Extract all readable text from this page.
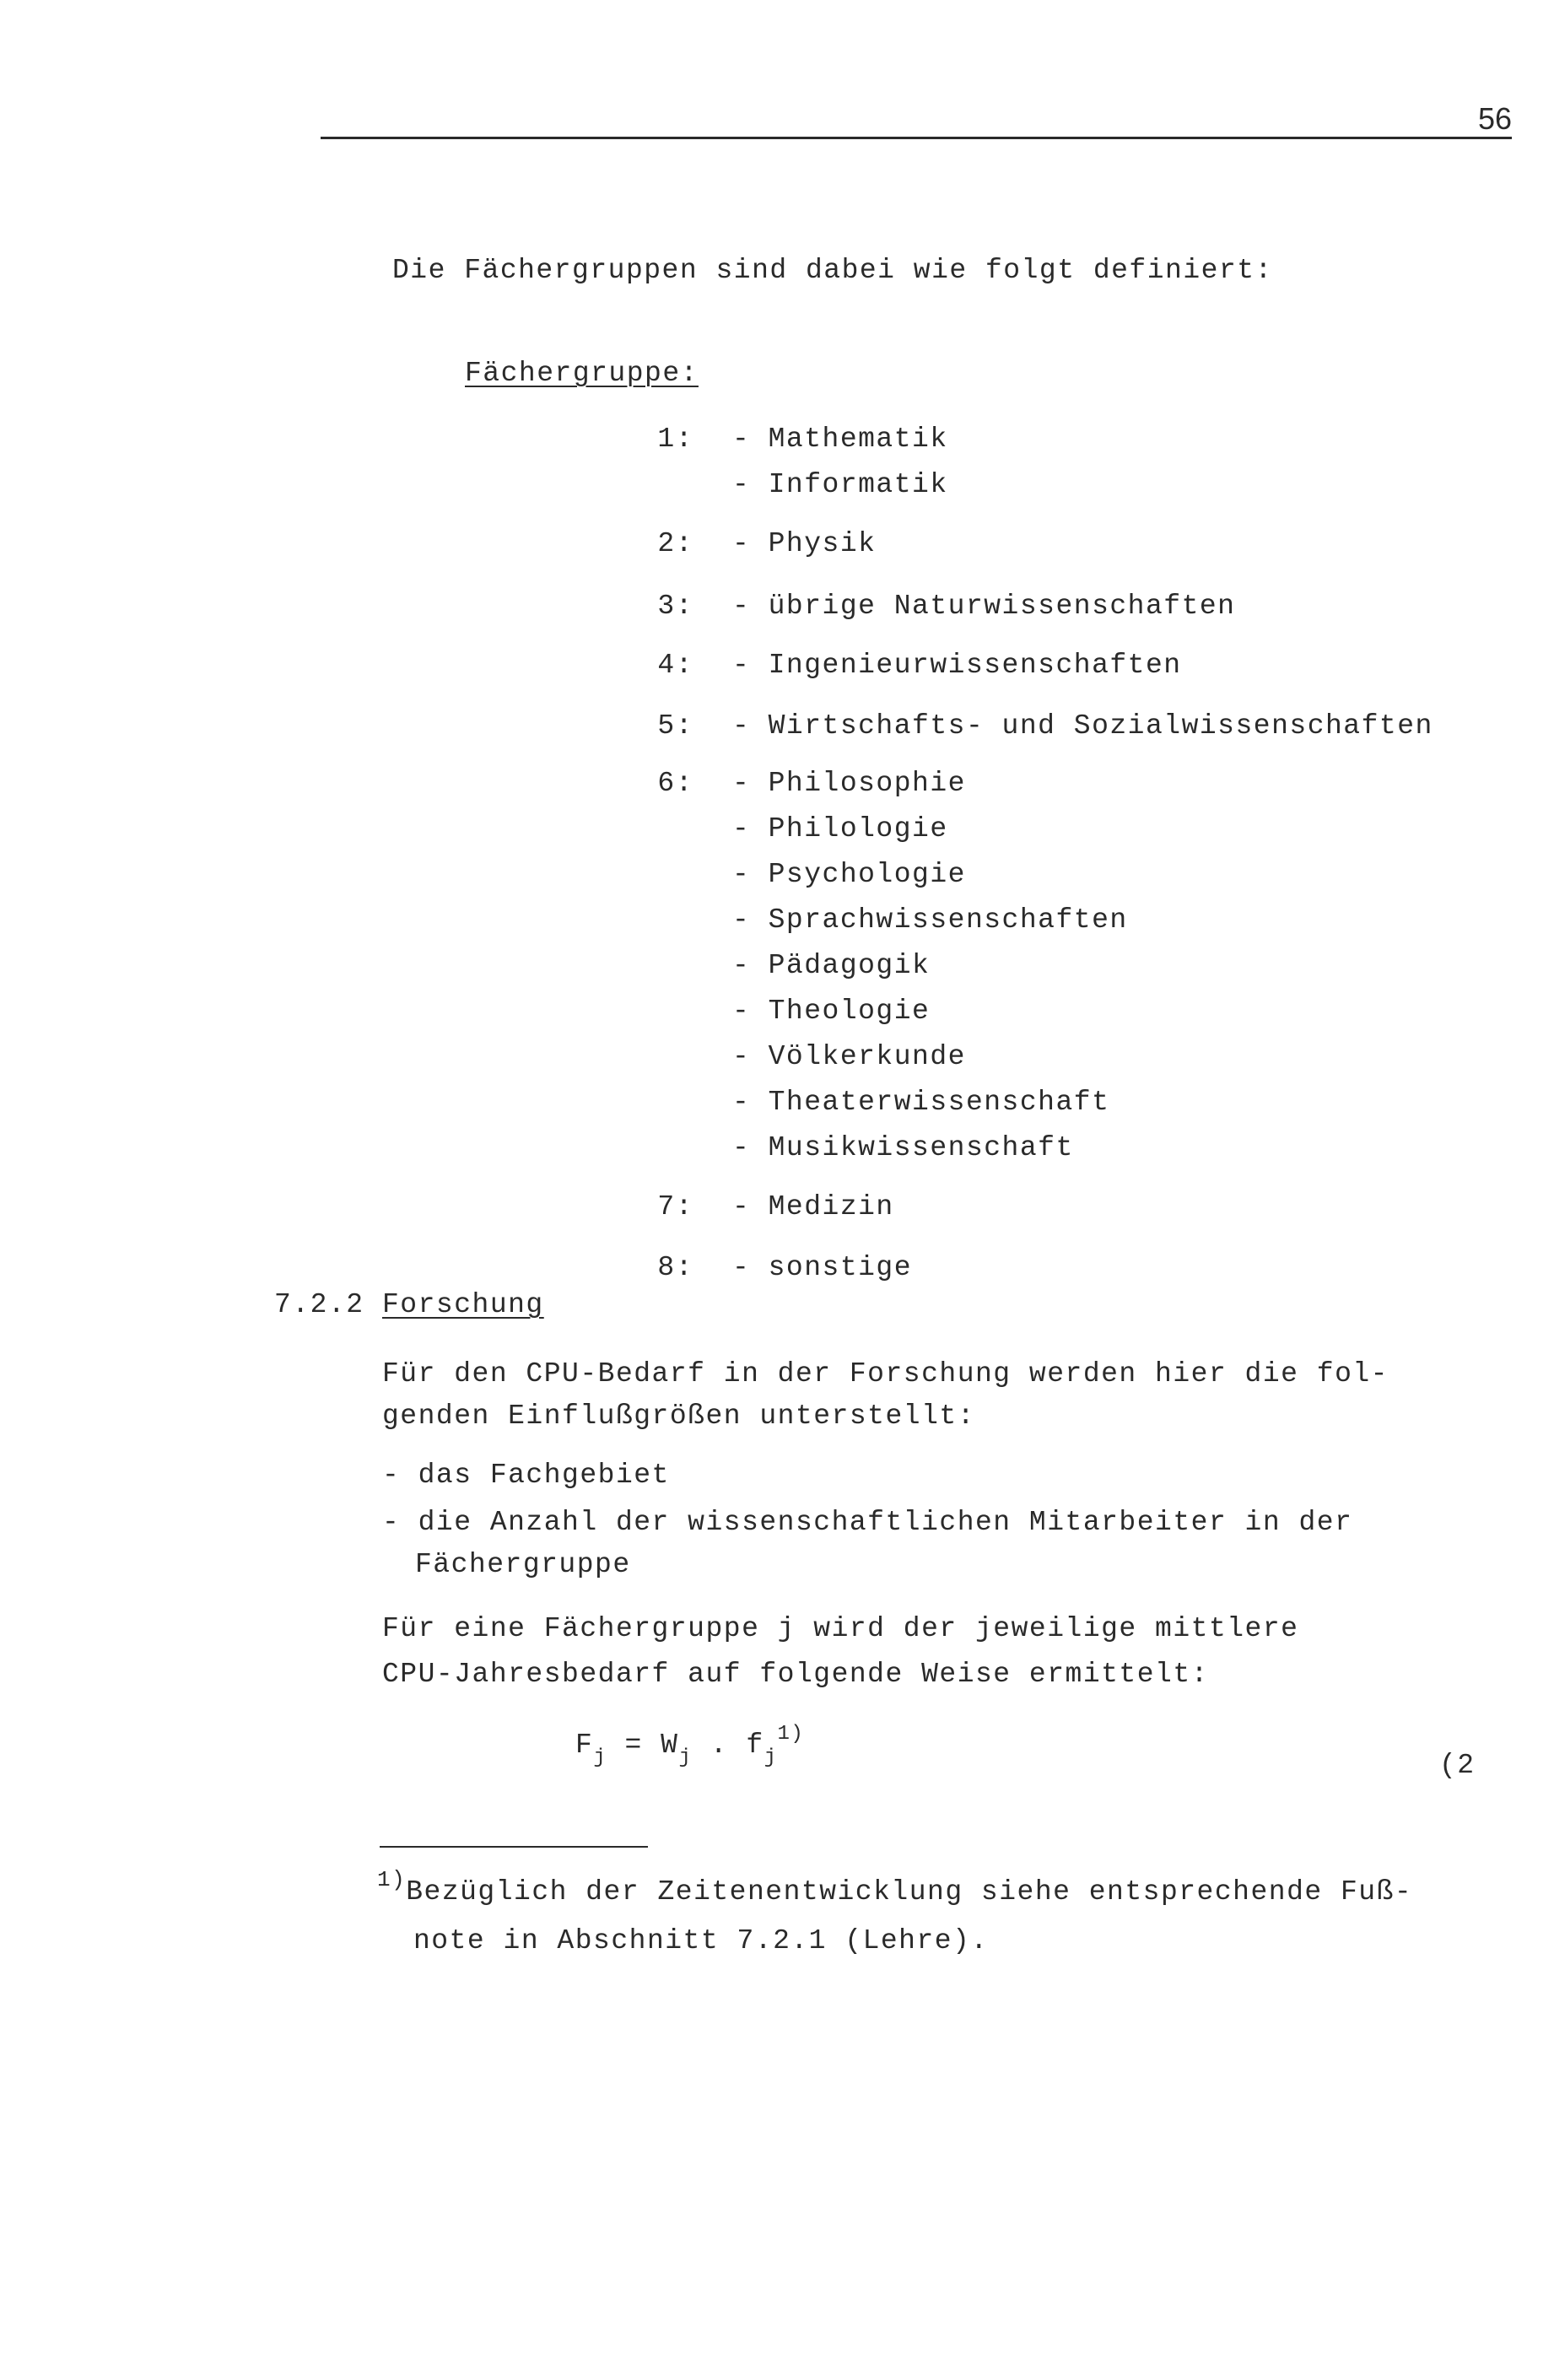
56
Die Fächergruppen sind dabei wie folgt definiert:
Fächergruppe:
1: - Mathematik
- Informatik
2: - Physik
3: - übrige Naturwissenschaften
4: - Ingenieurwissenschaften
5: - Wirtschafts- und Sozialwissenschaften
6: - Philosophie
- Philologie
- Psychologie
- Sprachwissenschaften
- Pädagogik
- Theologie
- Völkerkunde
- Theaterwissenschaft
- Musikwissenschaft
7: - Medizin
8: - sonstige
7.2.2 Forschung
Für den CPU-Bedarf in der Forschung werden hier die fol-
genden Einflußgrößen unterstellt:
- das Fachgebiet
- die Anzahl der wissenschaftlichen Mitarbeiter in der
Fächergruppe
Für eine Fächergruppe j wird der jeweilige mittlere
CPU-Jahresbedarf auf folgende Weise ermittelt:
$F_j = W_j$ . $f_j^{1)}$
(2
$^{1)}$Bezüglich der Zeitenentwicklung siehe entsprechende Fuß-
note in Abschnitt 7.2.1 (Lehre).
